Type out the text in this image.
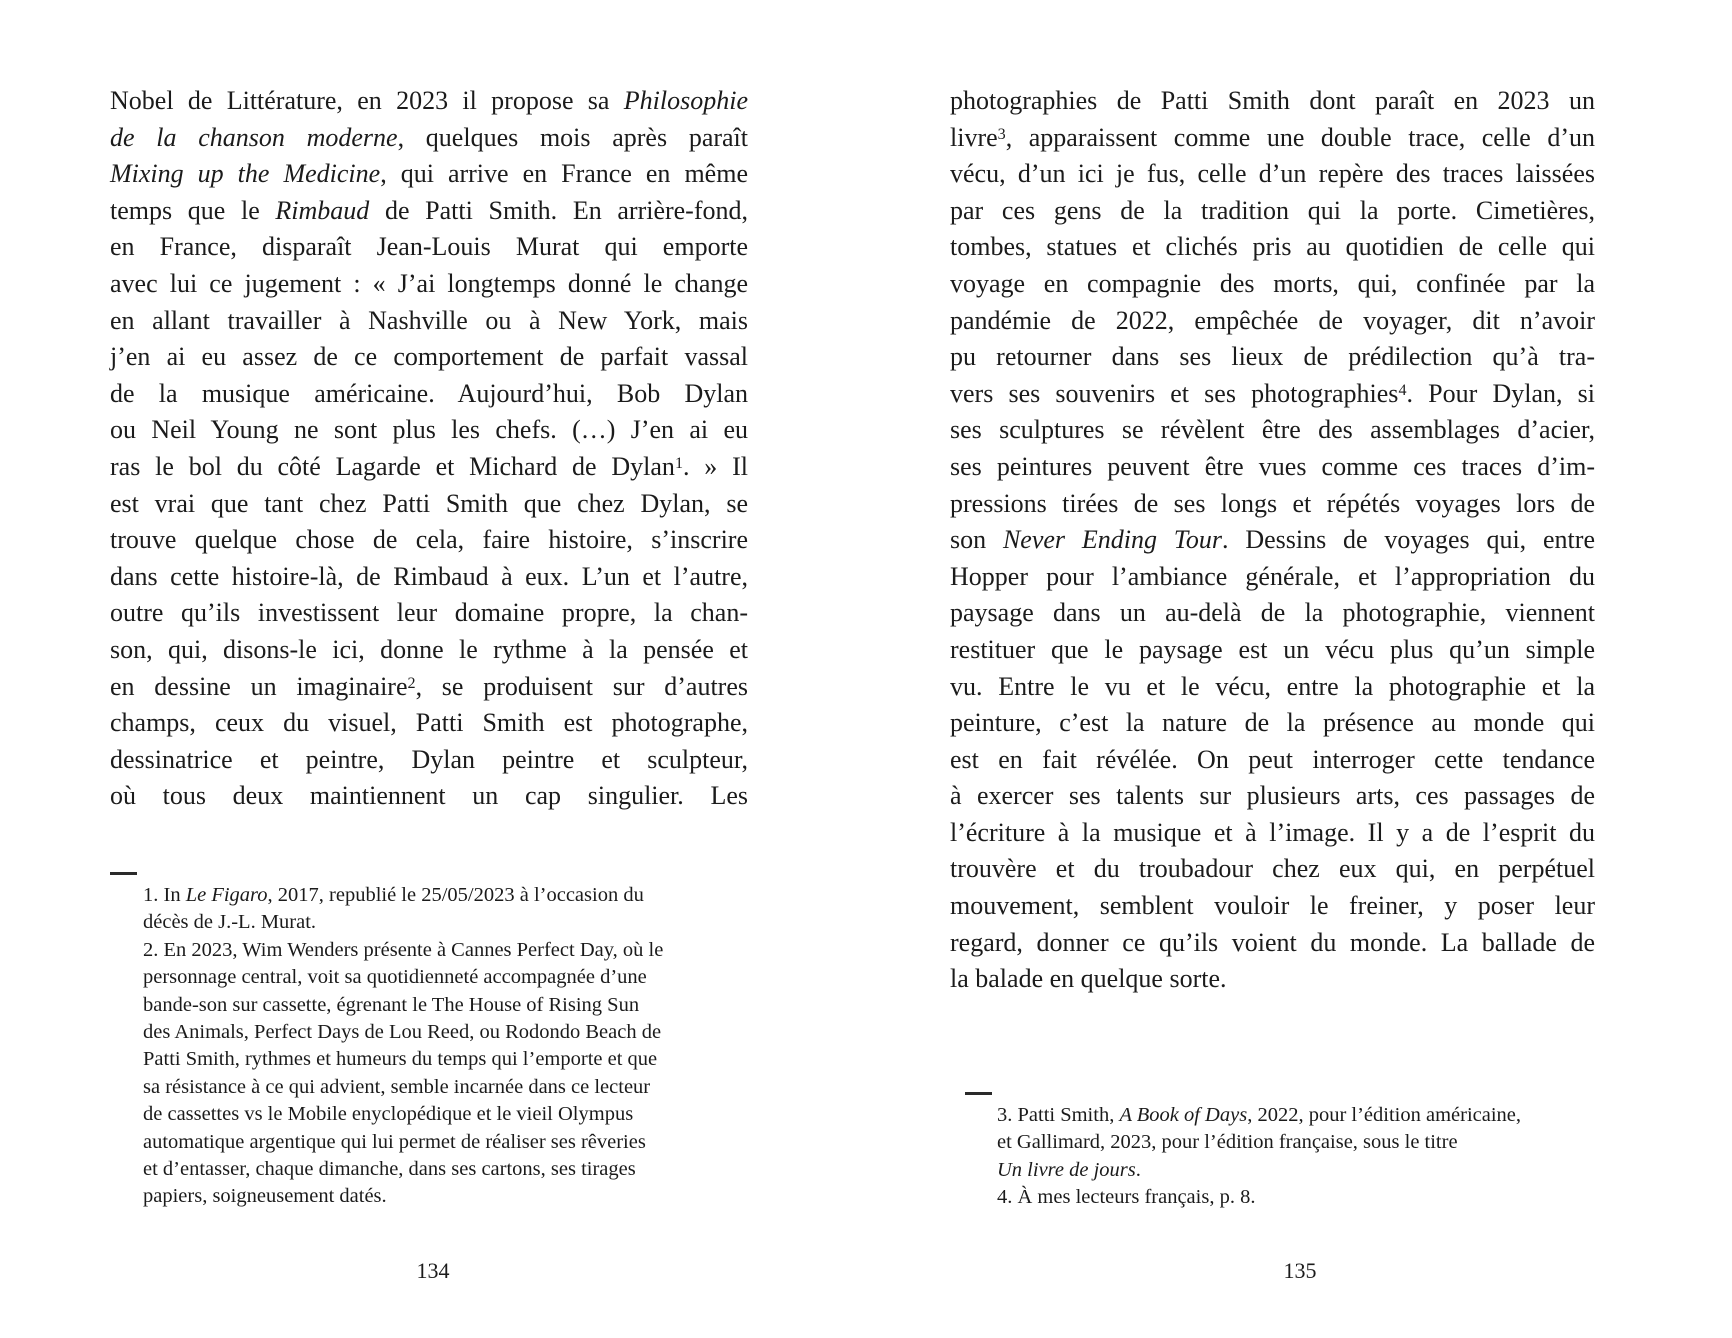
Nobel de Littérature, en 2023 il propose sa Philosophie
de la chanson moderne, quelques mois après paraît
Mixing up the Medicine, qui arrive en France en même
temps que le Rimbaud de Patti Smith. En arrière-fond,
en France, disparaît Jean-Louis Murat qui emporte
avec lui ce jugement : « J’ai longtemps donné le change
en allant travailler à Nashville ou à New York, mais
j’en ai eu assez de ce comportement de parfait vassal
de la musique américaine. Aujourd’hui, Bob Dylan
ou Neil Young ne sont plus les chefs. (…) J’en ai eu
ras le bol du côté Lagarde et Michard de Dylan$^1$. » Il
est vrai que tant chez Patti Smith que chez Dylan, se
trouve quelque chose de cela, faire histoire, s’inscrire
dans cette histoire-là, de Rimbaud à eux. L’un et l’autre,
outre qu’ils investissent leur domaine propre, la chan-
son, qui, disons-le ici, donne le rythme à la pensée et
en dessine un imaginaire$^2$, se produisent sur d’autres
champs, ceux du visuel, Patti Smith est photographe,
dessinatrice et peintre, Dylan peintre et sculpteur,
où tous deux maintiennent un cap singulier. Les
1. In Le Figaro, 2017, republié le 25/05/2023 à l’occasion du
décès de J.-L. Murat.
2. En 2023, Wim Wenders présente à Cannes Perfect Day, où le
personnage central, voit sa quotidienneté accompagnée d’une
bande-son sur cassette, égrenant le The House of Rising Sun
des Animals, Perfect Days de Lou Reed, ou Rodondo Beach de
Patti Smith, rythmes et humeurs du temps qui l’emporte et que
sa résistance à ce qui advient, semble incarnée dans ce lecteur
de cassettes vs le Mobile enyclopédique et le vieil Olympus
automatique argentique qui lui permet de réaliser ses rêveries
et d’entasser, chaque dimanche, dans ses cartons, ses tirages
papiers, soigneusement datés.
134
photographies de Patti Smith dont paraît en 2023 un
livre$^3$, apparaissent comme une double trace, celle d’un
vécu, d’un ici je fus, celle d’un repère des traces laissées
par ces gens de la tradition qui la porte. Cimetières,
tombes, statues et clichés pris au quotidien de celle qui
voyage en compagnie des morts, qui, confinée par la
pandémie de 2022, empêchée de voyager, dit n’avoir
pu retourner dans ses lieux de prédilection qu’à tra-
vers ses souvenirs et ses photographies$^4$. Pour Dylan, si
ses sculptures se révèlent être des assemblages d’acier,
ses peintures peuvent être vues comme ces traces d’im-
pressions tirées de ses longs et répétés voyages lors de
son Never Ending Tour. Dessins de voyages qui, entre
Hopper pour l’ambiance générale, et l’appropriation du
paysage dans un au-delà de la photographie, viennent
restituer que le paysage est un vécu plus qu’un simple
vu. Entre le vu et le vécu, entre la photographie et la
peinture, c’est la nature de la présence au monde qui
est en fait révélée. On peut interroger cette tendance
à exercer ses talents sur plusieurs arts, ces passages de
l’écriture à la musique et à l’image. Il y a de l’esprit du
trouvère et du troubadour chez eux qui, en perpétuel
mouvement, semblent vouloir le freiner, y poser leur
regard, donner ce qu’ils voient du monde. La ballade de
la balade en quelque sorte.
3. Patti Smith, A Book of Days, 2022, pour l’édition américaine,
et Gallimard, 2023, pour l’édition française, sous le titre
Un livre de jours.
4. À mes lecteurs français, p. 8.
135
